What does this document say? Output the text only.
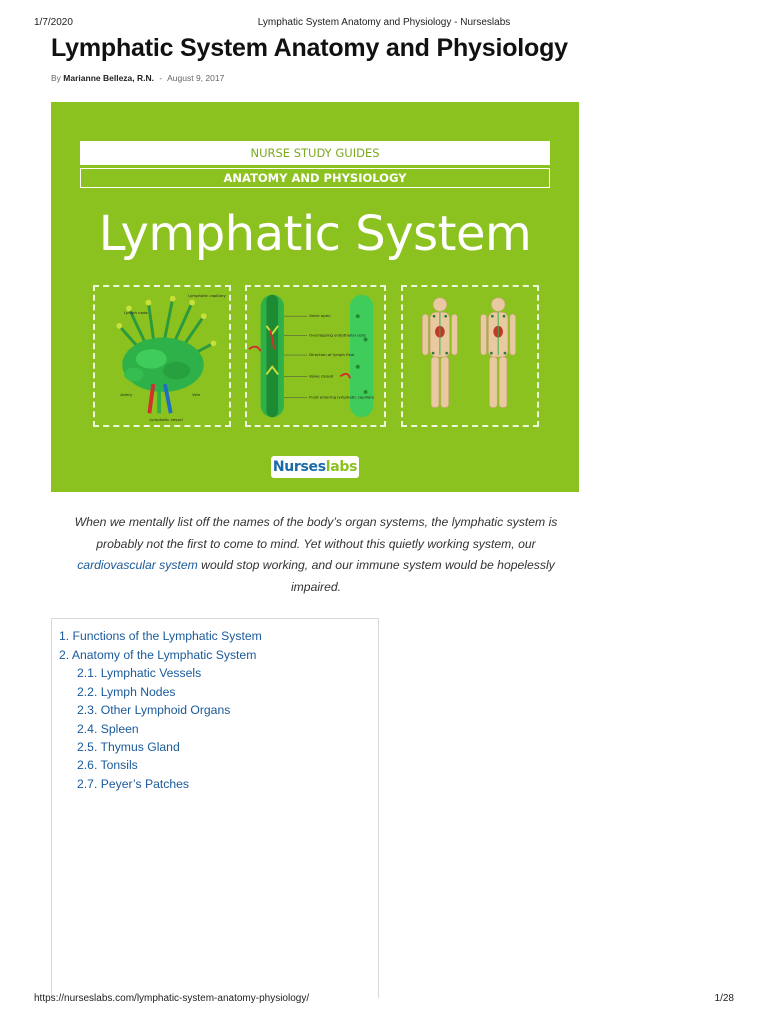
1/7/2020	Lymphatic System Anatomy and Physiology - Nurseslabs
Lymphatic System Anatomy and Physiology
By Marianne Belleza, R.N. - August 9, 2017
NURSE STUDY GUIDES
ANATOMY AND PHYSIOLOGY
Lymphatic System
Lymph node
Lymphatic capillary
Artery	Vein
Lymphatic vessel
Valve open
Overlapping endothelial cells
Direction of lymph flow
Valve closed
Fluid entering lymphatic capillary
Nurseslabs

When we mentally list off the names of the body’s organ systems, the lymphatic system is probably not the first to come to mind. Yet without this quietly working system, our cardiovascular system would stop working, and our immune system would be hopelessly impaired.

1. Functions of the Lymphatic System
2. Anatomy of the Lymphatic System
2.1. Lymphatic Vessels
2.2. Lymph Nodes
2.3. Other Lymphoid Organs
2.4. Spleen
2.5. Thymus Gland
2.6. Tonsils
2.7. Peyer’s Patches
https://nurseslabs.com/lymphatic-system-anatomy-physiology/	1/28
